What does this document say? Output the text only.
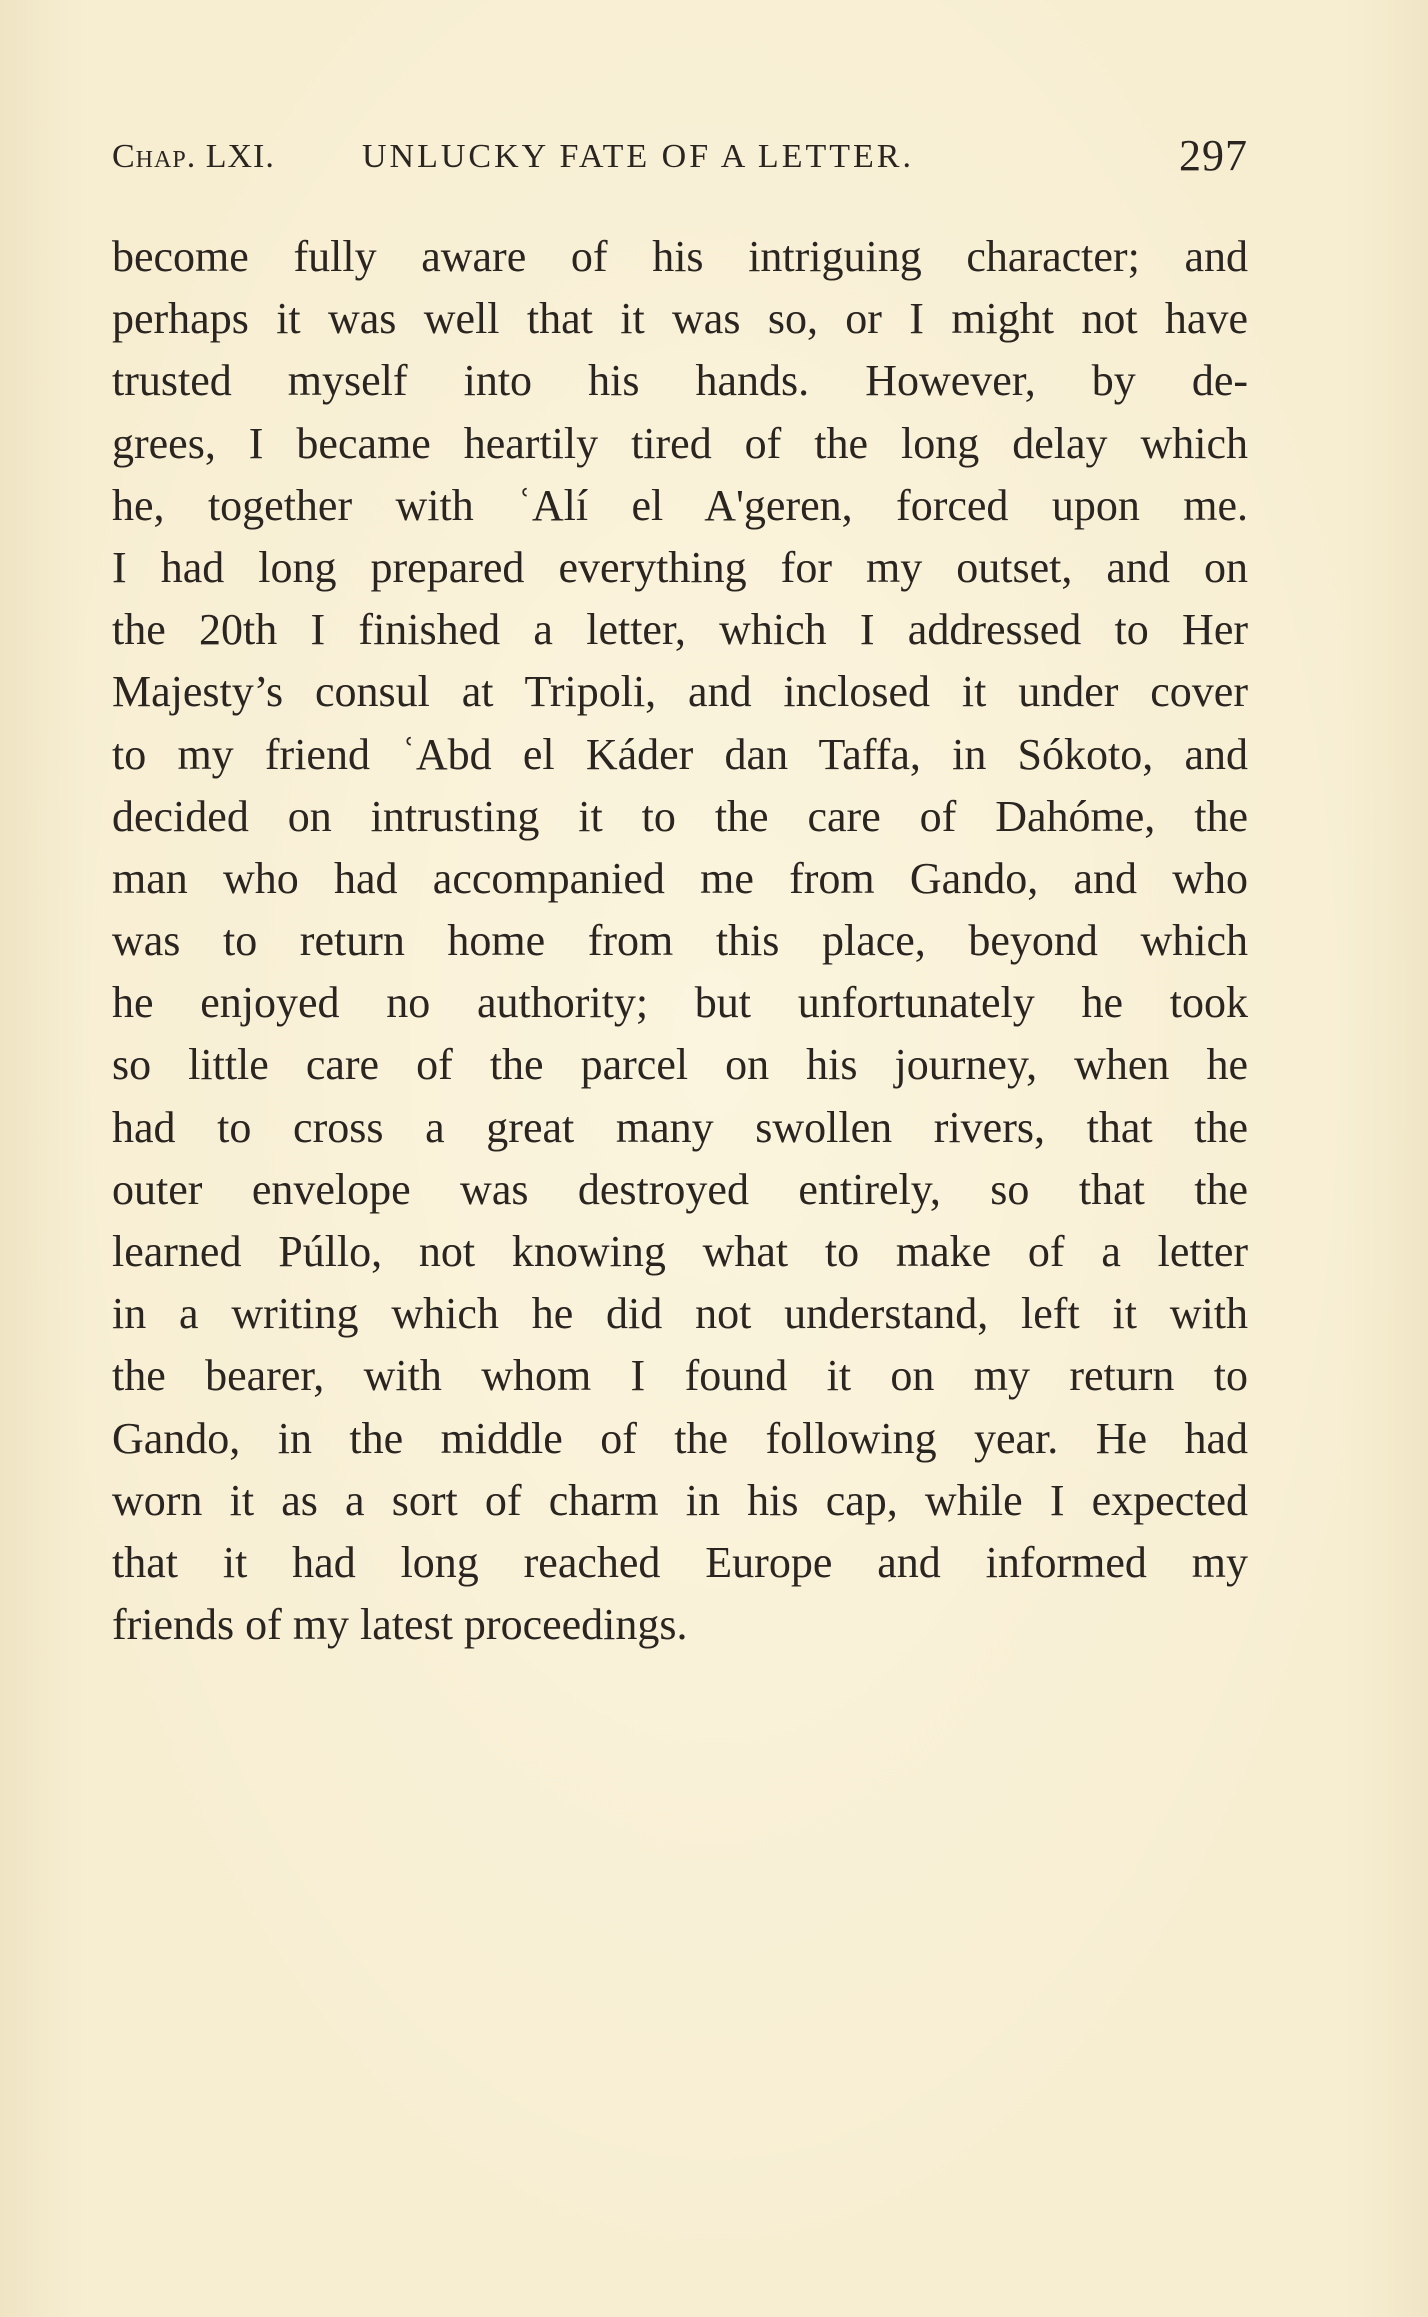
Chap. LXI.	UNLUCKY FATE OF A LETTER.	297
become fully aware of his intriguing character; and
perhaps it was well that it was so, or I might not have
trusted myself into his hands. However, by de-
grees, I became heartily tired of the long delay which
he, together with ʿAlí el A'geren, forced upon me.
I had long prepared everything for my outset, and on
the 20th I finished a letter, which I addressed to Her
Majesty’s consul at Tripoli, and inclosed it under cover
to my friend ʿAbd el Káder dan Taffa, in Sókoto, and
decided on intrusting it to the care of Dahóme, the
man who had accompanied me from Gando, and who
was to return home from this place, beyond which
he enjoyed no authority; but unfortunately he took
so little care of the parcel on his journey, when he
had to cross a great many swollen rivers, that the
outer envelope was destroyed entirely, so that the
learned Púllo, not knowing what to make of a letter
in a writing which he did not understand, left it with
the bearer, with whom I found it on my return to
Gando, in the middle of the following year. He had
worn it as a sort of charm in his cap, while I expected
that it had long reached Europe and informed my
friends of my latest proceedings.
